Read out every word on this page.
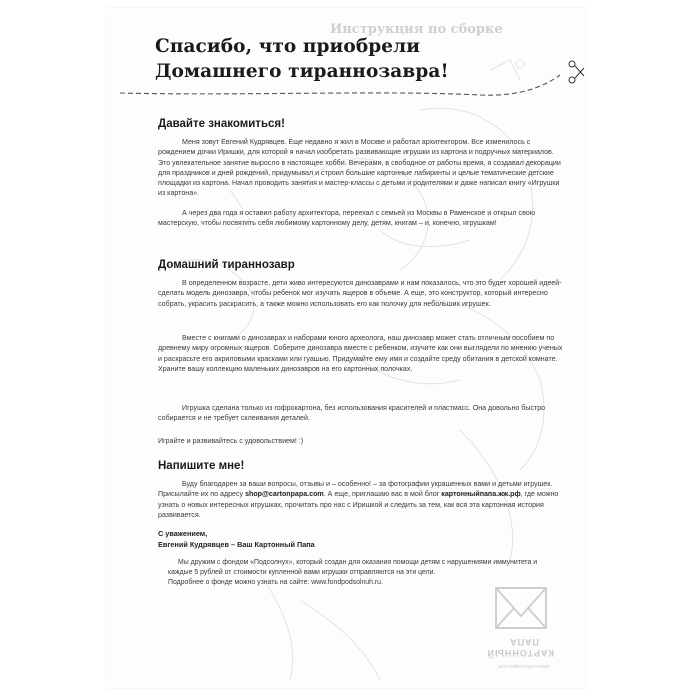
Инструкция по сборке
Спасибо, что приобрели
Домашнего тираннозавра!
Давайте знакомиться!

Меня зовут Евгений Кудрявцев. Еще недавно я жил в Москве и работал архитектором. Все изменилось с рождением дочки Иришки, для которой я начал изобретать развивающие игрушки из картона и подручных материалов. Это увлекательное занятие выросло в настоящее хобби. Вечерами, в свободное от работы время, я создавал декорации для праздников и дней рождений, придумывал и строил большие картонные лабиринты и целые тематические детские площадки из картона. Начал проводить занятия и мастер-классы с детьми и родителями и даже написал книгу «Игрушки из картона».

А через два года я оставил работу архитектора, переехал с семьей из Москвы в Раменское и открыл свою мастерскую, чтобы посвятить себя любимому картонному делу, детям, книгам – и, конечно, игрушкам!

Домашний тираннозавр

В определенном возрасте, дети живо интересуются динозаврами и нам показалось, что это будет хорошей идеей- сделать модель динозавра, чтобы ребенок мог изучать ящеров в объеме. А еще, это конструктор, который интересно собрать, украсить раскрасить, а также можно использовать его как полочку для небольших игрушек.

Вместе с книгами о динозаврах и наборами юного археолога, наш динозавр может стать отличным пособием по древнему миру огромных ящеров. Соберите динозавра вместе с ребенком, изучите как они выглядели по мнению ученых и раскрасьте его акриловыми красками или гуашью. Придумайте ему имя и создайте среду обитания в детской комнате. Храните вашу коллекцию маленьких динозавров на его картонных полочках.

Игрушка сделана только из гофрокартона, без использования красителей и пластмасс. Она довольно быстро собирается и не требует склеивания деталей.

Играйте и развивайтесь с удовольствием! :)

Напишите мне!

Буду благодарен за ваши вопросы, отзывы и – особенно! – за фотографии украшенных вами и детьми игрушек. Присылайте их по адресу shop@cartonpapa.com. А еще, приглашаю вас в мой блог картонныйпапа.жж.рф, где можно узнать о новых интересных игрушках, прочитать про нас с Иришкой и следить за тем, как вся эта картонная история развивается.

С уважением,
Евгений Кудрявцев – Ваш Картонный Папа

Мы дружим с фондом «Подсолнух», который создан для оказания помощи детям с нарушениями иммунитета и каждые 5 рублей от стоимости купленной вами игрушки отправляются на эти цели.
Подробнее о фонде можно узнать на сайте: www.fondpodsolnuh.ru.

КАРТОННЫЙ ПАПА
www.cartonpapa.com
